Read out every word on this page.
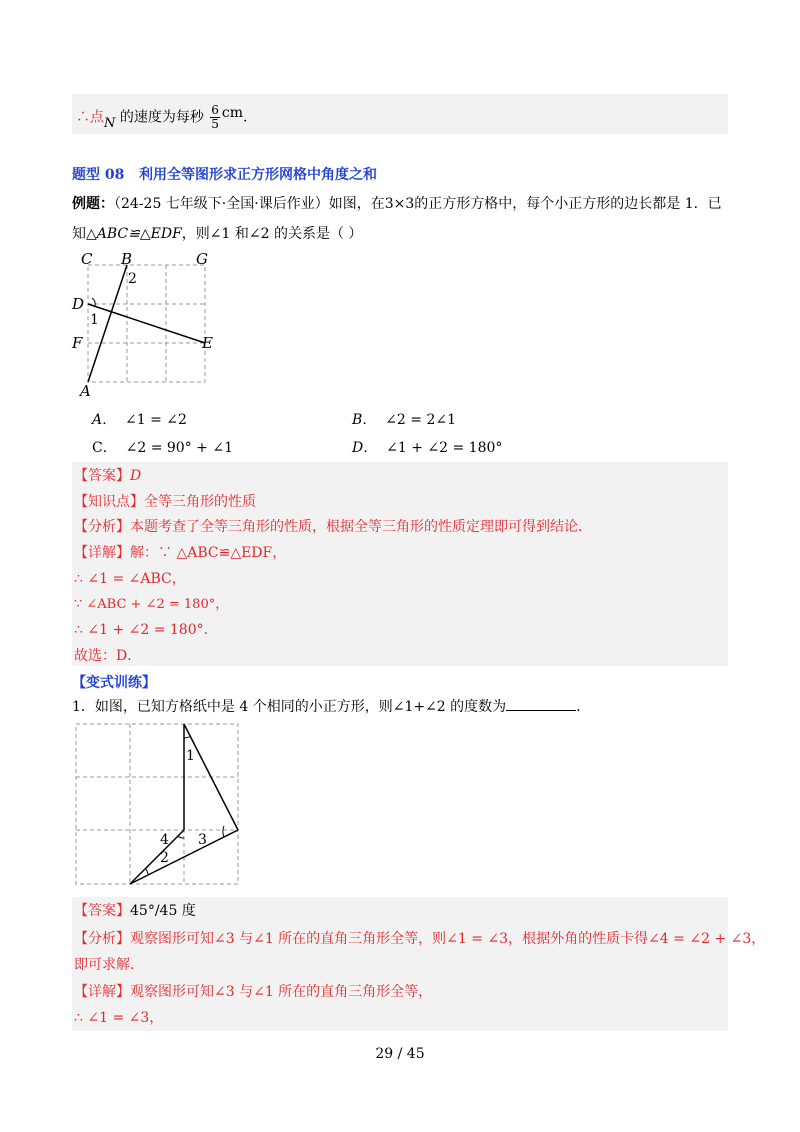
∴点N 的速度为每秒 $\frac{6}{5}$ cm.
题型 08 利用全等图形求正方形网格中角度之和
例题：（24-25 七年级下·全国·课后作业）如图，在3×3的正方形方格中，每个小正方形的边长都是 1．已
知△ABC≌△EDF，则∠1 和∠2 的关系是（ ）
C B	G
2
D
1
F	E
A
A． ∠1 = ∠2	B． ∠2 = 2∠1
C． ∠2 = 90° + ∠1	D． ∠1 + ∠2 = 180°
【答案】D
【知识点】全等三角形的性质
【分析】本题考查了全等三角形的性质，根据全等三角形的性质定理即可得到结论．
【详解】解：∵ △ABC≌△EDF，
∴ ∠1 = ∠ABC，
∵ ∠ABC + ∠2 = 180°，
∴ ∠1 + ∠2 = 180°．
故选：D．
【变式训练】
1．如图，已知方格纸中是 4 个相同的小正方形，则∠1+∠2 的度数为	.
1
4 3
2
【答案】45°/45 度
【分析】观察图形可知∠3 与∠1 所在的直角三角形全等，则∠1 = ∠3，根据外角的性质卡得∠4 = ∠2 + ∠3，
即可求解.
【详解】观察图形可知∠3 与∠1 所在的直角三角形全等，
∴ ∠1 = ∠3，
29 / 45
